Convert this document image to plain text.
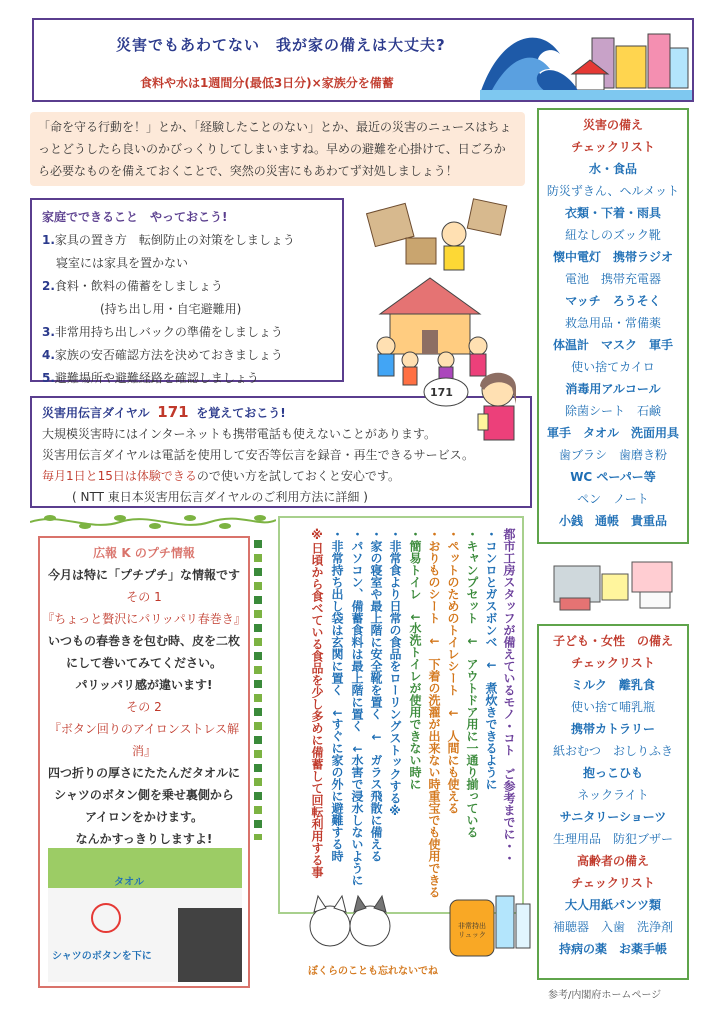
災害でもあわてない　我が家の備えは大丈夫?
食料や水は1週間分(最低3日分)×家族分を備蓄
「命を守る行動を！」とか、「経験したことのない」とか、最近の災害のニュースはちょっとどうしたら良いのかびっくりしてしまいますね。早めの避難を心掛けて、日ごろから必要なものを備えておくことで、突然の災害にもあわてず対処しましょう！
災害の備え
チェックリスト
水・食品
防災ずきん、ヘルメット
衣類・下着・雨具
紐なしのズック靴
懐中電灯　携帯ラジオ
電池　携帯充電器
マッチ　ろうそく
救急用品・常備薬
体温計　マスク　軍手
使い捨てカイロ
消毒用アルコール
除菌シート　石鹸
軍手　タオル　洗面用具
歯ブラシ　歯磨き粉
WC ペーパー等
ペン　ノート
小銭　通帳　貴重品
子ども・女性　の備え
チェックリスト
ミルク　離乳食
使い捨て哺乳瓶
携帯カトラリー
紙おむつ　おしりふき
抱っこひも
ネックライト
サニタリーショーツ
生理用品　防犯ブザー
高齢者の備え
チェックリスト
大人用紙パンツ類
補聴器　入歯　洗浄剤
持病の薬　お薬手帳
家庭でできること　やっておこう!
1.家具の置き方　転倒防止の対策をしましょう
寝室には家具を置かない
2.食料・飲料の備蓄をしましょう
(持ち出し用・自宅避難用)
3.非常用持ち出しバックの準備をしましょう
4.家族の安否確認方法を決めておきましょう
5.避難場所や避難経路を確認しましょう
災害用伝言ダイヤル 171 を覚えておこう!
大規模災害時にはインターネットも携帯電話も使えないことがあります。
災害用伝言ダイヤルは電話を使用して安否等伝言を録音・再生できるサービス。
毎月1日と15日は体験できるので使い方を試しておくと安心です。
( NTT 東日本災害用伝言ダイヤルのご利用方法に詳細 )
171
広報 K のプチ情報
今月は特に「プチプチ」な情報です
その 1
『ちょっと贅沢にパリッパリ春巻き』
いつもの春巻きを包む時、皮を二枚
にして巻いてみてください。
パリッパリ感が違います!
その 2
『ボタン回りのアイロンストレス解消』
四つ折りの厚さにたたんだタオルに
シャツのボタン側を乗せ裏側から
アイロンをかけます。
なんかすっきりしますよ!
タオル
シャツのボタンを下に
都市工房スタッフが備えているモノ・コト　ご参考までに・・
・コンロとガスボンベ　↓　煮炊きできるように
・キャンプセット　↓　アウトドア用に一通り揃っている
・ペットのためのトイレシート　↓　人間にも使える
・おりものシート　↓　下着の洗濯が出来ない時重宝でも使用できる
・簡易トイレ　↓水洗トイレが使用できない時に
・非常食より日常の食品をローリングストックする※
・家の寝室や最上階に安全靴を置く　↓　ガラス飛散に備える
・パソコン、備蓄食料は最上階に置く　↓水害で浸水しないように
・非常持ち出し袋は玄関に置く　↓すぐに家の外に避難する時
※日頃から食べている食品を少し多めに備蓄して回転利用する事
非常持出
リュック
ぼくらのことも忘れないでね
参考/内閣府ホームページ
